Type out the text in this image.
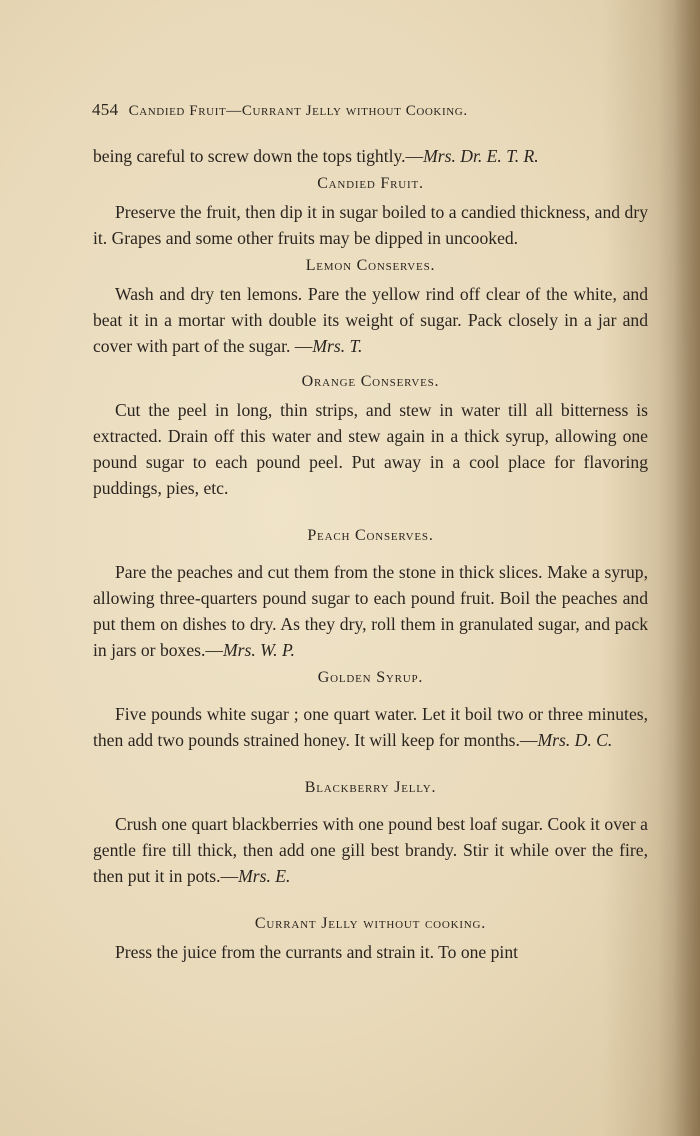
454 Candied Fruit—Currant Jelly without Cooking.

being careful to screw down the tops tightly.—Mrs. Dr. E. T. R.

Candied Fruit.

Preserve the fruit, then dip it in sugar boiled to a candied thickness, and dry it. Grapes and some other fruits may be dipped in uncooked.

Lemon Conserves.

Wash and dry ten lemons. Pare the yellow rind off clear of the white, and beat it in a mortar with double its weight of sugar. Pack closely in a jar and cover with part of the sugar. —Mrs. T.

Orange Conserves.

Cut the peel in long, thin strips, and stew in water till all bitterness is extracted. Drain off this water and stew again in a thick syrup, allowing one pound sugar to each pound peel. Put away in a cool place for flavoring puddings, pies, etc.

Peach Conserves.

Pare the peaches and cut them from the stone in thick slices. Make a syrup, allowing three-quarters pound sugar to each pound fruit. Boil the peaches and put them on dishes to dry. As they dry, roll them in granulated sugar, and pack in jars or boxes.—Mrs. W. P.

Golden Syrup.

Five pounds white sugar ; one quart water. Let it boil two or three minutes, then add two pounds strained honey. It will keep for months.—Mrs. D. C.

Blackberry Jelly.

Crush one quart blackberries with one pound best loaf sugar. Cook it over a gentle fire till thick, then add one gill best brandy. Stir it while over the fire, then put it in pots.—Mrs. E.

Currant Jelly without cooking.

Press the juice from the currants and strain it. To one pint
